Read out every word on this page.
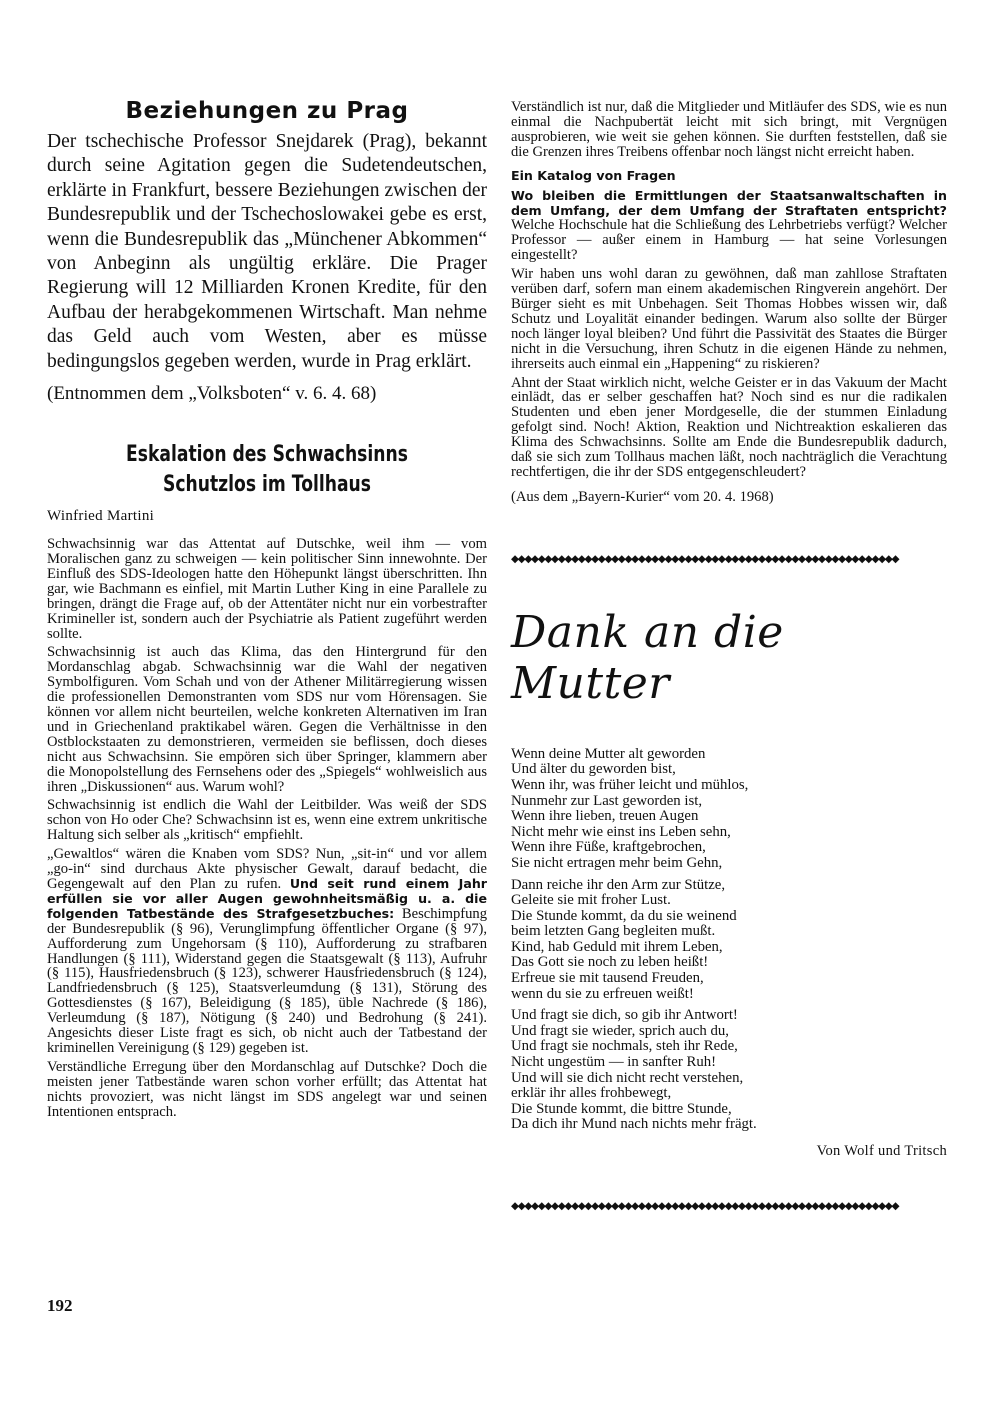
Beziehungen zu Prag

Der tschechische Professor Snejdarek (Prag), bekannt durch seine Agitation gegen die Sudetendeutschen, erklärte in Frankfurt, bessere Beziehungen zwischen der Bundesrepublik und der Tschechoslowakei gebe es erst, wenn die Bundesrepublik das „Münchener Abkommen“ von Anbeginn als ungültig erkläre. Die Prager Regierung will 12 Milliarden Kronen Kredite, für den Aufbau der herabgekommenen Wirtschaft. Man nehme das Geld auch vom Westen, aber es müsse bedingungslos gegeben werden, wurde in Prag erklärt.

(Entnommen dem „Volksboten“ v. 6. 4. 68)

Eskalation des Schwachsinns
Schutzlos im Tollhaus
Winfried Martini

Schwachsinnig war das Attentat auf Dutschke, weil ihm — vom Moralischen ganz zu schweigen — kein politischer Sinn innewohnte. Der Einfluß des SDS-Ideologen hatte den Höhepunkt längst überschritten. Ihn gar, wie Bachmann es einfiel, mit Martin Luther King in eine Parallele zu bringen, drängt die Frage auf, ob der Attentäter nicht nur ein vorbestrafter Krimineller ist, sondern auch der Psychiatrie als Patient zugeführt werden sollte.

Schwachsinnig ist auch das Klima, das den Hintergrund für den Mordanschlag abgab. Schwachsinnig war die Wahl der negativen Symbolfiguren. Vom Schah und von der Athener Militärregierung wissen die professionellen Demonstranten vom SDS nur vom Hörensagen. Sie können vor allem nicht beurteilen, welche konkreten Alternativen im Iran und in Griechenland praktikabel wären. Gegen die Verhältnisse in den Ostblockstaaten zu demonstrieren, vermeiden sie beflissen, doch dieses nicht aus Schwachsinn. Sie empören sich über Springer, klammern aber die Monopolstellung des Fernsehens oder des „Spiegels“ wohlweislich aus ihren „Diskussionen“ aus. Warum wohl?

Schwachsinnig ist endlich die Wahl der Leitbilder. Was weiß der SDS schon von Ho oder Che? Schwachsinn ist es, wenn eine extrem unkritische Haltung sich selber als „kritisch“ empfiehlt.

„Gewaltlos“ wären die Knaben vom SDS? Nun, „sit-in“ und vor allem „go-in“ sind durchaus Akte physischer Gewalt, darauf bedacht, die Gegengewalt auf den Plan zu rufen. Und seit rund einem Jahr erfüllen sie vor aller Augen gewohnheitsmäßig u. a. die folgenden Tatbestände des Strafgesetzbuches: Beschimpfung der Bundesrepublik (§ 96), Verunglimpfung öffentlicher Organe (§ 97), Aufforderung zum Ungehorsam (§ 110), Aufforderung zu strafbaren Handlungen (§ 111), Widerstand gegen die Staatsgewalt (§ 113), Aufruhr (§ 115), Hausfriedensbruch (§ 123), schwerer Hausfriedensbruch (§ 124), Landfriedensbruch (§ 125), Staatsverleumdung (§ 131), Störung des Gottesdienstes (§ 167), Beleidigung (§ 185), üble Nachrede (§ 186), Verleumdung (§ 187), Nötigung (§ 240) und Bedrohung (§ 241). Angesichts dieser Liste fragt es sich, ob nicht auch der Tatbestand der kriminellen Vereinigung (§ 129) gegeben ist.

Verständliche Erregung über den Mordanschlag auf Dutschke? Doch die meisten jener Tatbestände waren schon vorher erfüllt; das Attentat hat nichts provoziert, was nicht längst im SDS angelegt war und seinen Intentionen entsprach.

Verständlich ist nur, daß die Mitglieder und Mitläufer des SDS, wie es nun einmal die Nachpubertät leicht mit sich bringt, mit Vergnügen ausprobieren, wie weit sie gehen können. Sie durften feststellen, daß sie die Grenzen ihres Treibens offenbar noch längst nicht erreicht haben.

Ein Katalog von Fragen

Wo bleiben die Ermittlungen der Staatsanwaltschaften in dem Umfang, der dem Umfang der Straftaten entspricht? Welche Hochschule hat die Schließung des Lehrbetriebs verfügt? Welcher Professor — außer einem in Hamburg — hat seine Vorlesungen eingestellt?

Wir haben uns wohl daran zu gewöhnen, daß man zahllose Straftaten verüben darf, sofern man einem akademischen Ringverein angehört. Der Bürger sieht es mit Unbehagen. Seit Thomas Hobbes wissen wir, daß Schutz und Loyalität einander bedingen. Warum also sollte der Bürger noch länger loyal bleiben? Und führt die Passivität des Staates die Bürger nicht in die Versuchung, ihren Schutz in die eigenen Hände zu nehmen, ihrerseits auch einmal ein „Happening“ zu riskieren?

Ahnt der Staat wirklich nicht, welche Geister er in das Vakuum der Macht einlädt, das er selber geschaffen hat? Noch sind es nur die radikalen Studenten und eben jener Mordgeselle, die der stummen Einladung gefolgt sind. Noch! Aktion, Reaktion und Nichtreaktion eskalieren das Klima des Schwachsinns. Sollte am Ende die Bundesrepublik dadurch, daß sie sich zum Tollhaus machen läßt, noch nachträglich die Verachtung rechtfertigen, die ihr der SDS entgegenschleudert?

(Aus dem „Bayern-Kurier“ vom 20. 4. 1968)

◆◆◆◆◆◆◆◆◆◆◆◆◆◆◆◆◆◆◆◆◆◆◆◆◆◆◆◆◆◆◆◆◆◆◆◆◆◆◆◆◆◆◆◆◆◆◆◆◆◆◆◆◆◆◆◆◆◆
Dank an die Mutter
Wenn deine Mutter alt geworden
Und älter du geworden bist,
Wenn ihr, was früher leicht und mühlos,
Nunmehr zur Last geworden ist,
Wenn ihre lieben, treuen Augen
Nicht mehr wie einst ins Leben sehn,
Wenn ihre Füße, kraftgebrochen,
Sie nicht ertragen mehr beim Gehn,
Dann reiche ihr den Arm zur Stütze,
Geleite sie mit froher Lust.
Die Stunde kommt, da du sie weinend
beim letzten Gang begleiten mußt.
Kind, hab Geduld mit ihrem Leben,
Das Gott sie noch zu leben heißt!
Erfreue sie mit tausend Freuden,
wenn du sie zu erfreuen weißt!
Und fragt sie dich, so gib ihr Antwort!
Und fragt sie wieder, sprich auch du,
Und fragt sie nochmals, steh ihr Rede,
Nicht ungestüm — in sanfter Ruh!
Und will sie dich nicht recht verstehen,
erklär ihr alles frohbewegt,
Die Stunde kommt, die bittre Stunde,
Da dich ihr Mund nach nichts mehr frägt.
Von Wolf und Tritsch
◆◆◆◆◆◆◆◆◆◆◆◆◆◆◆◆◆◆◆◆◆◆◆◆◆◆◆◆◆◆◆◆◆◆◆◆◆◆◆◆◆◆◆◆◆◆◆◆◆◆◆◆◆◆◆◆◆◆
192
